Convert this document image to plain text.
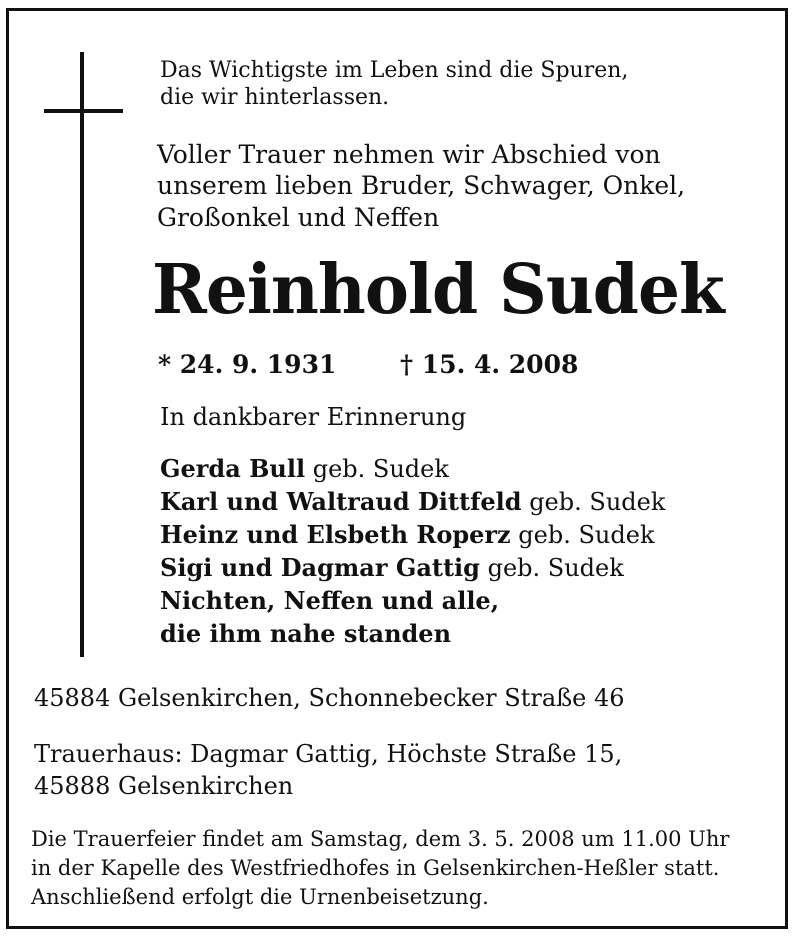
Das Wichtigste im Leben sind die Spuren,
die wir hinterlassen.
Voller Trauer nehmen wir Abschied von
unserem lieben Bruder, Schwager, Onkel,
Großonkel und Neffen
Reinhold Sudek
* 24. 9. 1931	† 15. 4. 2008
In dankbarer Erinnerung
Gerda Bull geb. Sudek
Karl und Waltraud Dittfeld geb. Sudek
Heinz und Elsbeth Roperz geb. Sudek
Sigi und Dagmar Gattig geb. Sudek
Nichten, Neffen und alle,
die ihm nahe standen
45884 Gelsenkirchen, Schonnebecker Straße 46
Trauerhaus: Dagmar Gattig, Höchste Straße 15,
45888 Gelsenkirchen
Die Trauerfeier findet am Samstag, dem 3. 5. 2008 um 11.00 Uhr
in der Kapelle des Westfriedhofes in Gelsenkirchen-Heßler statt.
Anschließend erfolgt die Urnenbeisetzung.
